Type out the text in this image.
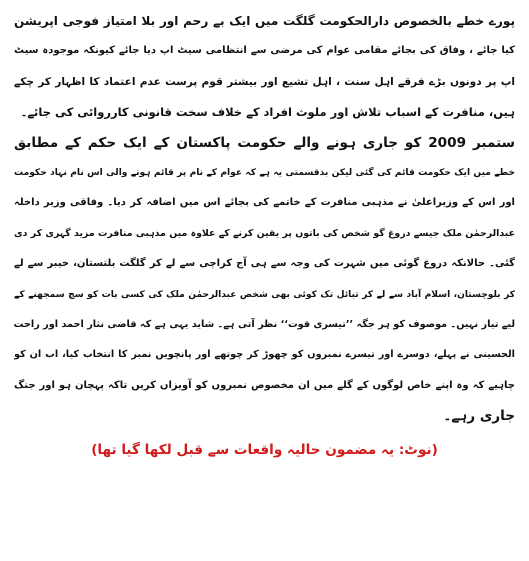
پورے خطے بالخصوص دارالحکومت گلگت میں ایک بے رحم اور بلا امتیاز فوجی اپریشن
کیا جائے ، وفاق کی بجائے مقامی عوام کی مرضی سے انتظامی سیٹ اپ دیا جائے کیونکہ موجودہ سیٹ
اپ پر دونوں بڑے فرقے اہل سنت ، اہل تشیع اور بیشتر قوم پرست عدم اعتماد کا اظہار کر چکے
ہیں، منافرت کے اسباب تلاش اور ملوث افراد کے خلاف سخت قانونی کارروائی کی جائے۔
ستمبر 2009 کو جاری ہونے والے حکومت پاکستان کے ایک حکم کے مطابق
خطے میں ایک حکومت قائم کی گئی لیکن بدقسمتی یہ ہے کہ عوام کے نام پر قائم ہونے والی اس نام نہاد حکومت
اور اس کے وزیراعلیٰ نے مذہبی منافرت کے خاتمے کی بجائے اس میں اضافہ کر دیا۔ وفاقی وزیر داخلہ
عبدالرحمٰن ملک جیسے دروغ گو شخص کی باتوں پر یقین کرنے کے علاوہ میں مذہبی منافرت مزید گہری کر دی
گئی۔ حالانکہ دروغ گوئی میں شہرت کی وجہ سے ہی آج کراچی سے لے کر گلگت بلتستان، خیبر سے لے
کر بلوچستان، اسلام آباد سے لے کر تبائل تک کوئی بھی شخص عبدالرحمٰن ملک کی کسی بات کو سچ سمجھنے کے
لیے تیار نہیں۔ موصوف کو ہر جگہ ’’تیسری قوت‘‘ نظر آتی ہے۔ شاید یہی ہے کہ قاضی نثار احمد اور راحت
الحسینی نے پہلے، دوسرے اور تیسرے نمبروں کو چھوڑ کر چوتھے اور پانچویں نمبر کا انتخاب کیا، اب ان کو
چاہیے کہ وہ اپنے خاص لوگوں کے گلے میں ان مخصوص نمبروں کو آویزاں کریں تاکہ پہچان ہو اور جنگ
جاری رہے۔
(نوٹ: یہ مضمون حالیہ واقعات سے قبل لکھا گیا تھا)
